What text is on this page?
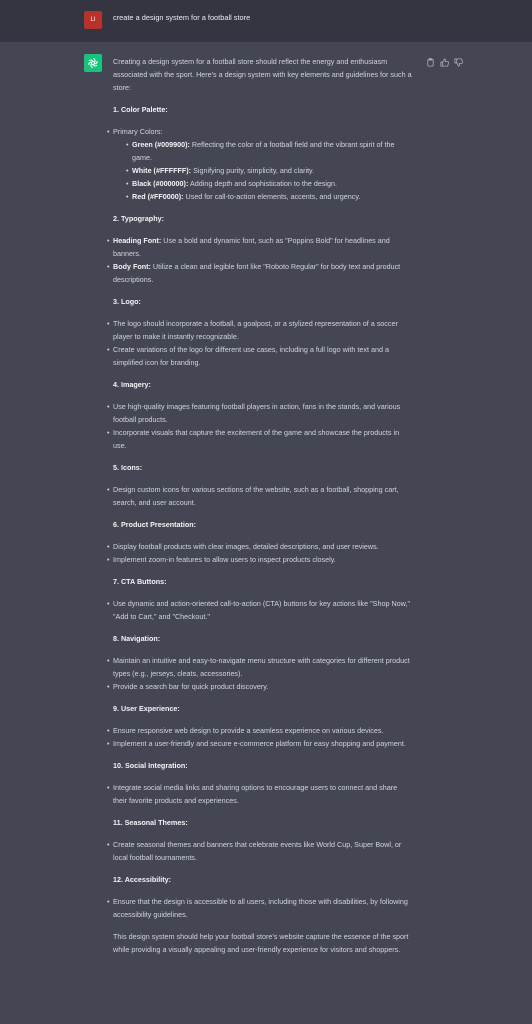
LI create a design system for a football store

Creating a design system for a football store should reflect the energy and enthusiasm associated with the sport. Here's a design system with key elements and guidelines for such a store:

1. Color Palette:

• Primary Colors:
• Green (#009900): Reflecting the color of a football field and the vibrant spirit of the game.
• White (#FFFFFF): Signifying purity, simplicity, and clarity.
• Black (#000000): Adding depth and sophistication to the design.
• Red (#FF0000): Used for call-to-action elements, accents, and urgency.

2. Typography:

• Heading Font: Use a bold and dynamic font, such as "Poppins Bold" for headlines and banners.
• Body Font: Utilize a clean and legible font like "Roboto Regular" for body text and product descriptions.

3. Logo:

• The logo should incorporate a football, a goalpost, or a stylized representation of a soccer player to make it instantly recognizable.
• Create variations of the logo for different use cases, including a full logo with text and a simplified icon for branding.

4. Imagery:

• Use high-quality images featuring football players in action, fans in the stands, and various football products.
• Incorporate visuals that capture the excitement of the game and showcase the products in use.

5. Icons:

• Design custom icons for various sections of the website, such as a football, shopping cart, search, and user account.

6. Product Presentation:

• Display football products with clear images, detailed descriptions, and user reviews.
• Implement zoom-in features to allow users to inspect products closely.

7. CTA Buttons:

• Use dynamic and action-oriented call-to-action (CTA) buttons for key actions like "Shop Now," "Add to Cart," and "Checkout."

8. Navigation:

• Maintain an intuitive and easy-to-navigate menu structure with categories for different product types (e.g., jerseys, cleats, accessories).
• Provide a search bar for quick product discovery.

9. User Experience:

• Ensure responsive web design to provide a seamless experience on various devices.
• Implement a user-friendly and secure e-commerce platform for easy shopping and payment.

10. Social Integration:

• Integrate social media links and sharing options to encourage users to connect and share their favorite products and experiences.

11. Seasonal Themes:

• Create seasonal themes and banners that celebrate events like World Cup, Super Bowl, or local football tournaments.

12. Accessibility:

• Ensure that the design is accessible to all users, including those with disabilities, by following accessibility guidelines.

This design system should help your football store's website capture the essence of the sport while providing a visually appealing and user-friendly experience for visitors and shoppers.
